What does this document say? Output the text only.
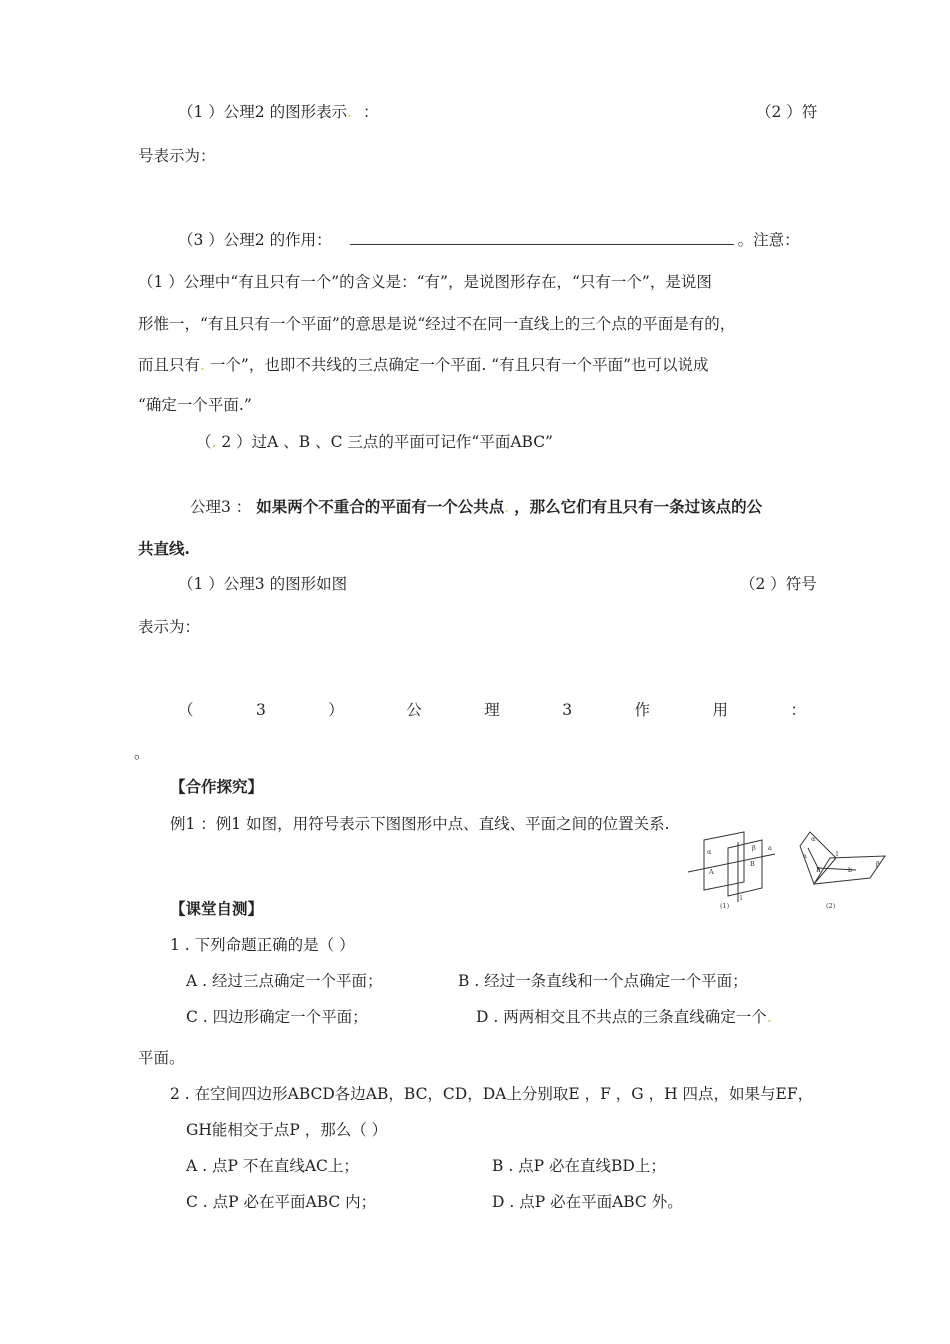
（1 ）公理2 的图形表示. ：	（2 ）符
号表示为：
（3 ）公理2 的作用：	。注意：
（1 ）公理中“有且只有一个”的含义是：“有”，是说图形存在，“只有一个”，是说图
形惟一，“有且只有一个平面”的意思是说“经过不在同一直线上的三个点的平面是有的，
而且只有. 一个”，也即不共线的三点确定一个平面. “有且只有一个平面”也可以说成
“确定一个平面.”
（. 2 ）过A 、B 、C 三点的平面可记作“平面ABC”
公理3 ： 如果两个不重合的平面有一个公共点. ，那么它们有且只有一条过该点的公
共直线.
（1 ）公理3 的图形如图	（2 ）符号
表示为：
（	3	）	公	理	3	作	用	：
。
【合作探究】
例1 ：例1 如图，用符号表示下图图形中点、直线、平面之间的位置关系.
α	β a
A
B
l
(1)
α
a	l
P	b
β
(2)
【课堂自测】
1 . 下列命题正确的是（ ）
A . 经过三点确定一个平面；	B . 经过一条直线和一个点确定一个平面；
C . 四边形确定一个平面；	D . 两两相交且不共点的三条直线确定一个.
平面。
2 . 在空间四边形ABCD各边AB，BC，CD，DA上分别取E ，F ，G ，H 四点，如果与EF，
GH能相交于点P ，那么（ ）
A . 点P 不在直线AC上；	B . 点P 必在直线BD上；
C . 点P 必在平面ABC 内；	D . 点P 必在平面ABC 外。
